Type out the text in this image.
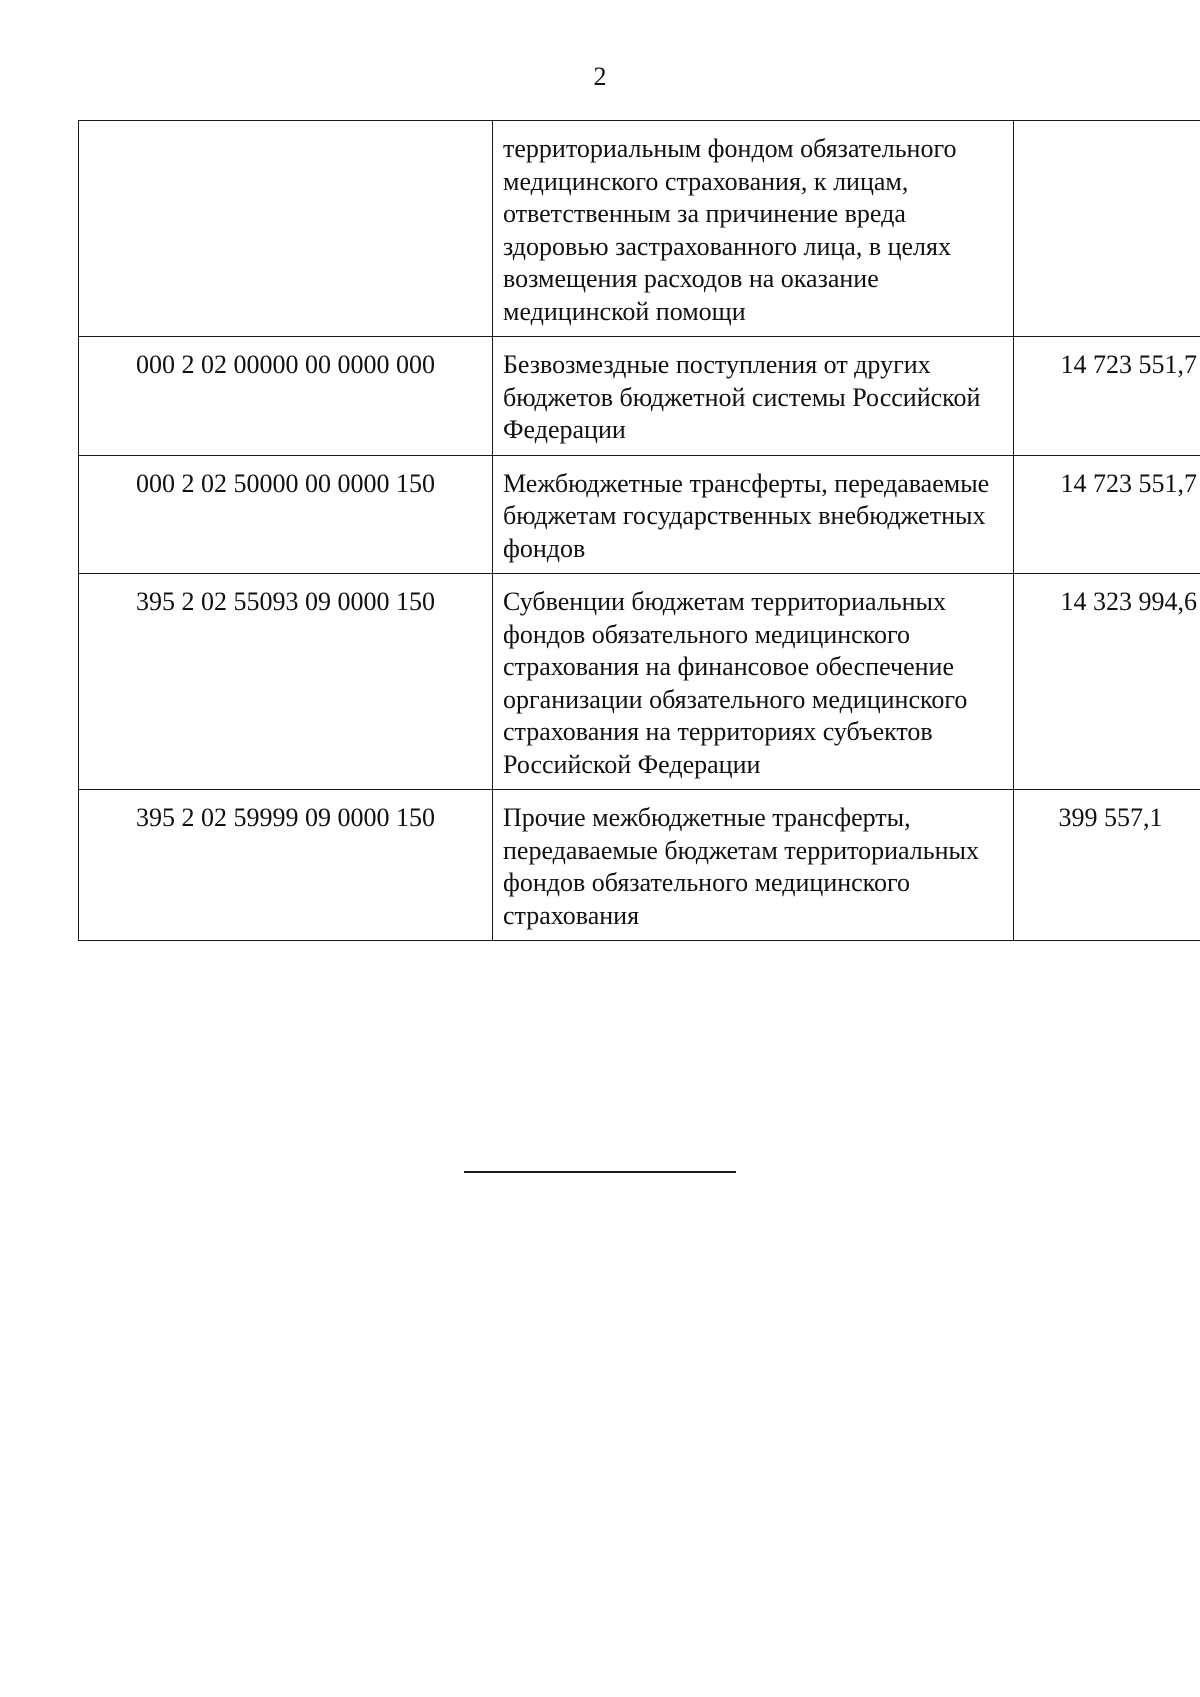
2
	территориальным фондом обязательного медицинского страхования, к лицам, ответственным за причинение вреда здоровью застрахованного лица, в целях возмещения расходов на оказание медицинской помощи	
000 2 02 00000 00 0000 000	Безвозмездные поступления от других бюджетов бюджетной системы Российской Федерации	14 723 551,7
000 2 02 50000 00 0000 150	Межбюджетные трансферты, передаваемые бюджетам государственных внебюджетных фондов	14 723 551,7
395 2 02 55093 09 0000 150	Субвенции бюджетам территориальных фондов обязательного медицинского страхования на финансовое обеспечение организации обязательного медицинского страхования на территориях субъектов Российской Федерации	14 323 994,6
395 2 02 59999 09 0000 150	Прочие межбюджетные трансферты, передаваемые бюджетам территориальных фондов обязательного медицинского страхования	399 557,1
